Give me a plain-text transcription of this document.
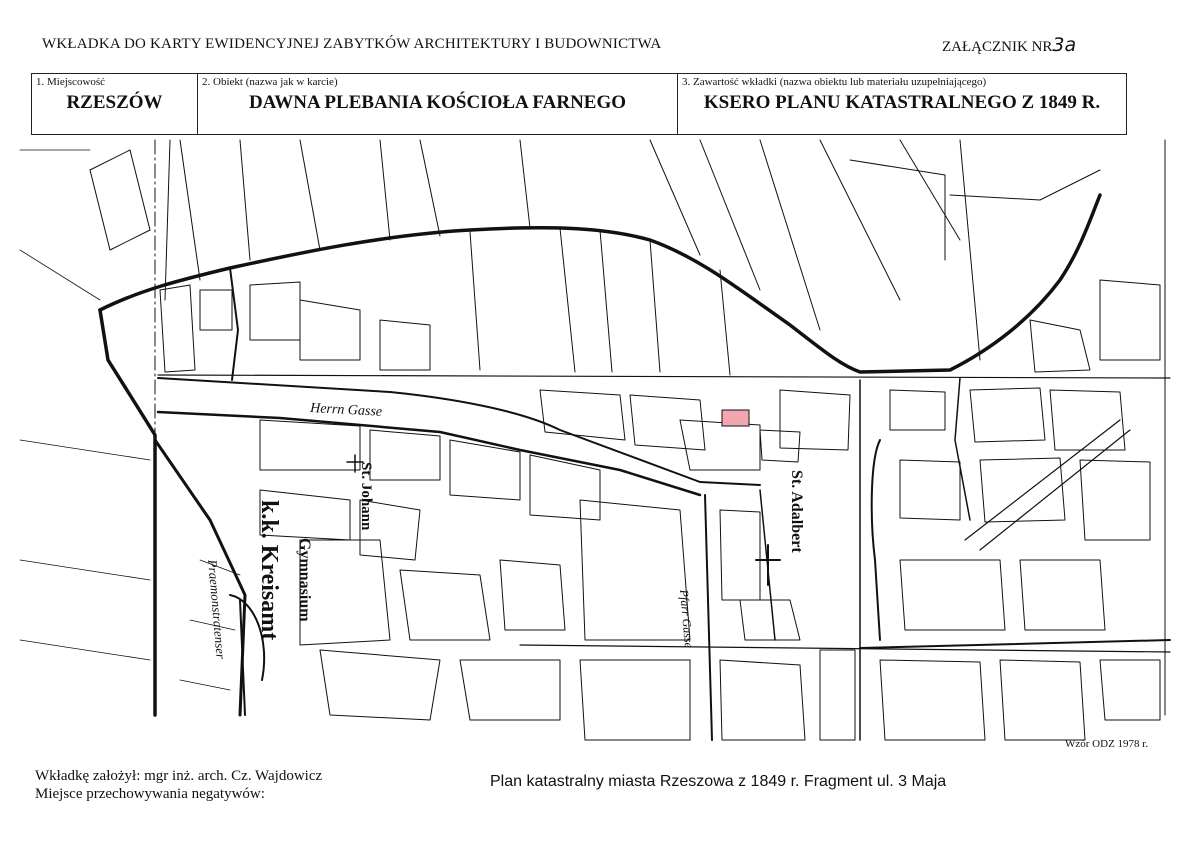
WKŁADKA DO KARTY EWIDENCYJNEJ ZABYTKÓW ARCHITEKTURY I BUDOWNICTWA	ZAŁĄCZNIK NR3a
1. Miejscowość
RZESZÓW
2. Obiekt (nazwa jak w karcie)
DAWNA PLEBANIA KOŚCIOŁA FARNEGO
3. Zawartość wkładki (nazwa obiektu lub materiału uzupełniającego)
KSERO PLANU KATASTRALNEGO Z 1849 R.
Herrn Gasse
St. Johann
Gymnasium
k.k. Kreisamt	St. Adalbert
Pfarr Gasse
Praemonstratenser
Wzór ODZ 1978 r.
Wkładkę założył: mgr inż. arch. Cz. Wajdowicz
Miejsce przechowywania negatywów:
Plan katastralny miasta Rzeszowa z 1849 r. Fragment ul. 3 Maja
